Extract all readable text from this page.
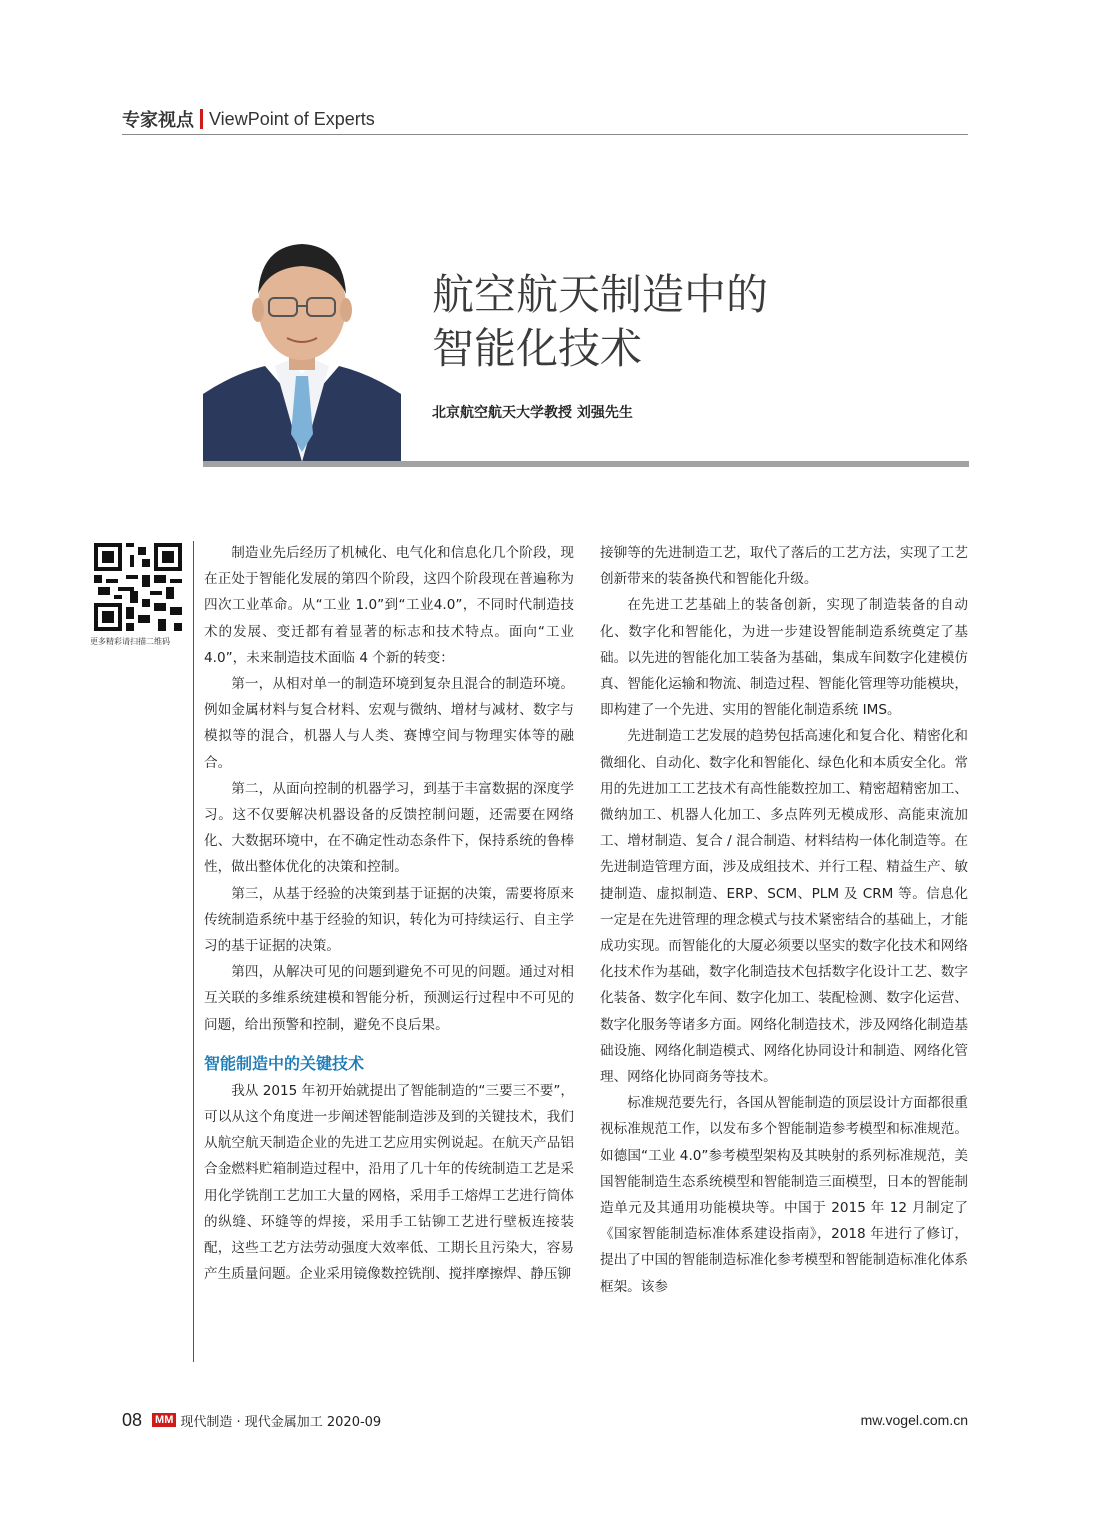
专家视点 ViewPoint of Experts
航空航天制造中的
智能化技术
北京航空航天大学教授 刘强先生
更多精彩请扫描二维码

制造业先后经历了机械化、电气化和信息化几个阶段，现在正处于智能化发展的第四个阶段，这四个阶段现在普遍称为四次工业革命。从“工业 1.0”到“工业4.0”，不同时代制造技术的发展、变迁都有着显著的标志和技术特点。面向“工业 4.0”，未来制造技术面临 4 个新的转变：

第一，从相对单一的制造环境到复杂且混合的制造环境。例如金属材料与复合材料、宏观与微纳、增材与减材、数字与模拟等的混合，机器人与人类、赛博空间与物理实体等的融合。

第二，从面向控制的机器学习，到基于丰富数据的深度学习。这不仅要解决机器设备的反馈控制问题，还需要在网络化、大数据环境中，在不确定性动态条件下，保持系统的鲁棒性，做出整体优化的决策和控制。

第三，从基于经验的决策到基于证据的决策，需要将原来传统制造系统中基于经验的知识，转化为可持续运行、自主学习的基于证据的决策。

第四，从解决可见的问题到避免不可见的问题。通过对相互关联的多维系统建模和智能分析，预测运行过程中不可见的问题，给出预警和控制，避免不良后果。

智能制造中的关键技术

我从 2015 年初开始就提出了智能制造的“三要三不要”，可以从这个角度进一步阐述智能制造涉及到的关键技术，我们从航空航天制造企业的先进工艺应用实例说起。在航天产品铝合金燃料贮箱制造过程中，沿用了几十年的传统制造工艺是采用化学铣削工艺加工大量的网格，采用手工熔焊工艺进行筒体的纵缝、环缝等的焊接，采用手工钻铆工艺进行壁板连接装配，这些工艺方法劳动强度大效率低、工期长且污染大，容易产生质量问题。企业采用镜像数控铣削、搅拌摩擦焊、静压铆

接铆等的先进制造工艺，取代了落后的工艺方法，实现了工艺创新带来的装备换代和智能化升级。

在先进工艺基础上的装备创新，实现了制造装备的自动化、数字化和智能化，为进一步建设智能制造系统奠定了基础。以先进的智能化加工装备为基础，集成车间数字化建模仿真、智能化运输和物流、制造过程、智能化管理等功能模块，即构建了一个先进、实用的智能化制造系统 IMS。

先进制造工艺发展的趋势包括高速化和复合化、精密化和微细化、自动化、数字化和智能化、绿色化和本质安全化。常用的先进加工工艺技术有高性能数控加工、精密超精密加工、微纳加工、机器人化加工、多点阵列无模成形、高能束流加工、增材制造、复合 / 混合制造、材料结构一体化制造等。在先进制造管理方面，涉及成组技术、并行工程、精益生产、敏捷制造、虚拟制造、ERP、SCM、PLM 及 CRM 等。信息化一定是在先进管理的理念模式与技术紧密结合的基础上，才能成功实现。而智能化的大厦必须要以坚实的数字化技术和网络化技术作为基础，数字化制造技术包括数字化设计工艺、数字化装备、数字化车间、数字化加工、装配检测、数字化运营、数字化服务等诸多方面。网络化制造技术，涉及网络化制造基础设施、网络化制造模式、网络化协同设计和制造、网络化管理、网络化协同商务等技术。

标准规范要先行，各国从智能制造的顶层设计方面都很重视标准规范工作，以发布多个智能制造参考模型和标准规范。如德国“工业 4.0”参考模型架构及其映射的系列标准规范，美国智能制造生态系统模型和智能制造三面模型，日本的智能制造单元及其通用功能模块等。中国于 2015 年 12 月制定了《国家智能制造标准体系建设指南》，2018 年进行了修订，提出了中国的智能制造标准化参考模型和智能制造标准化体系框架。该参

08 MM 现代制造 · 现代金属加工 2020-09	mw.vogel.com.cn
